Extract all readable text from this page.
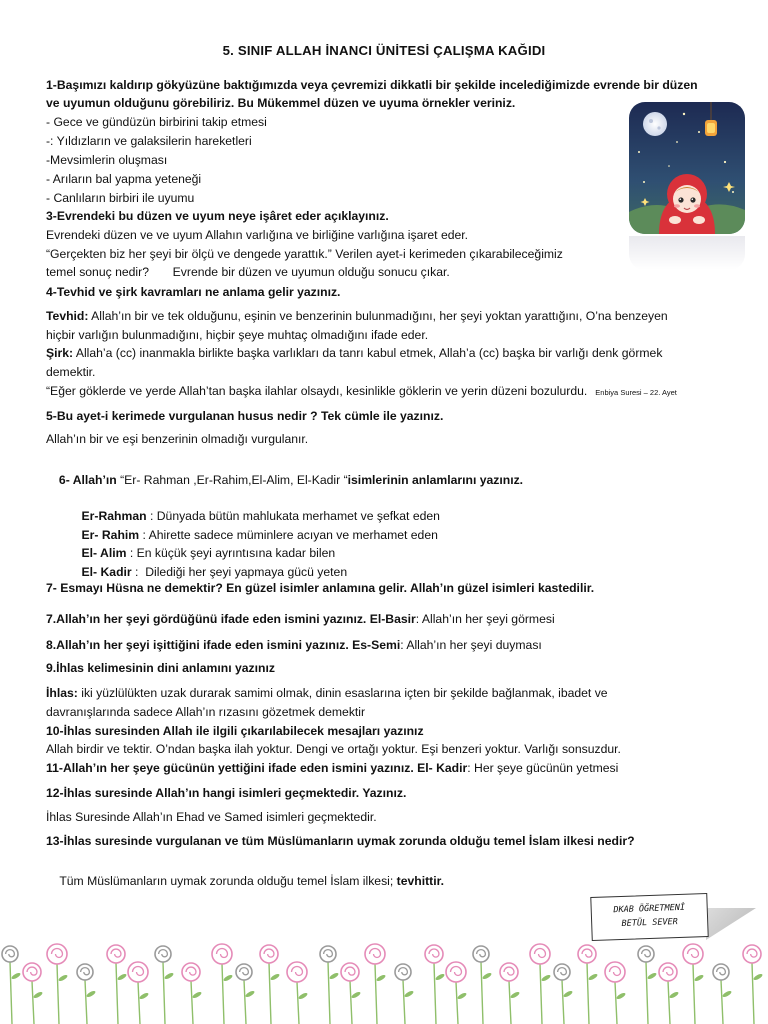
5. SINIF ALLAH İNANCI ÜNİTESİ ÇALIŞMA KAĞIDI
1-Başımızı kaldırıp gökyüzüne baktığımızda veya çevremizi dikkatli bir şekilde incelediğimizde evrende bir düzen
ve uyumun olduğunu görebiliriz. Bu Mükemmel düzen ve uyuma örnekler veriniz.
- Gece ve gündüzün birbirini takip etmesi
-: Yıldızların ve galaksilerin hareketleri
-Mevsimlerin oluşması
- Arıların bal yapma yeteneği
- Canlıların birbiri ile uyumu
3-Evrendeki bu düzen ve uyum neye işâret eder açıklayınız.
Evrendeki düzen ve ve uyum Allahın varlığına ve birliğine varlığına işaret eder.
“Gerçekten biz her şeyi bir ölçü ve dengede yarattık.” Verilen ayet-i kerimeden çıkarabileceğimiz
temel sonuç nedir?       Evrende bir düzen ve uyumun olduğu sonucu çıkar.
4-Tevhid ve şirk kavramları ne anlama gelir yazınız.
Tevhid: Allah’ın bir ve tek olduğunu, eşinin ve benzerinin bulunmadığını, her şeyi yoktan yarattığını, O’na benzeyen
hiçbir varlığın bulunmadığını, hiçbir şeye muhtaç olmadığını ifade eder.
Şirk: Allah’a (cc) inanmakla birlikte başka varlıkları da tanrı kabul etmek, Allah’a (cc) başka bir varlığı denk görmek
demektir.
“Eğer göklerde ve yerde Allah’tan başka ilahlar olsaydı, kesinlikle göklerin ve yerin düzeni bozulurdu. Enbiya Suresi – 22. Ayet
5-Bu ayet-i kerimede vurgulanan husus nedir ? Tek cümle ile yazınız.
Allah’ın bir ve eşi benzerinin olmadığı vurgulanır.

6- Allah’ın “Er- Rahman ,Er-Rahim,El-Alim, El-Kadir “isimlerinin anlamlarını yazınız.

Er-Rahman : Dünyada bütün mahlukata merhamet ve şefkat eden

Er- Rahim : Ahirette sadece müminlere acıyan ve merhamet eden

El- Alim : En küçük şeyi ayrıntısına kadar bilen

El- Kadir :  Dilediği her şeyi yapmaya gücü yeten

7- Esmayı Hüsna ne demektir? En güzel isimler anlamına gelir. Allah’ın güzel isimleri kastedilir.
7.Allah’ın her şeyi gördüğünü ifade eden ismini yazınız. El-Basir: Allah’ın her şeyi görmesi
8.Allah’ın her şeyi işittiğini ifade eden ismini yazınız. Es-Semi: Allah’ın her şeyi duyması
9.İhlas kelimesinin dini anlamını yazınız
İhlas: iki yüzlülükten uzak durarak samimi olmak, dinin esaslarına içten bir şekilde bağlanmak, ibadet ve
davranışlarında sadece Allah’ın rızasını gözetmek demektir
10-İhlas suresinden Allah ile ilgili çıkarılabilecek mesajları yazınız
Allah birdir ve tektir. O’ndan başka ilah yoktur. Dengi ve ortağı yoktur. Eşi benzeri yoktur. Varlığı sonsuzdur.
11-Allah’ın her şeye gücünün yettiğini ifade eden ismini yazınız. El- Kadir: Her şeye gücünün yetmesi
12-İhlas suresinde Allah’ın hangi isimleri geçmektedir. Yazınız.
İhlas Suresinde Allah’ın Ehad ve Samed isimleri geçmektedir.
13-İhlas suresinde vurgulanan ve tüm Müslümanların uymak zorunda olduğu temel İslam ilkesi nedir?

Tüm Müslümanların uymak zorunda olduğu temel İslam ilkesi; tevhittir.

DKAB ÖĞRETMENİ
BETÜL SEVER
